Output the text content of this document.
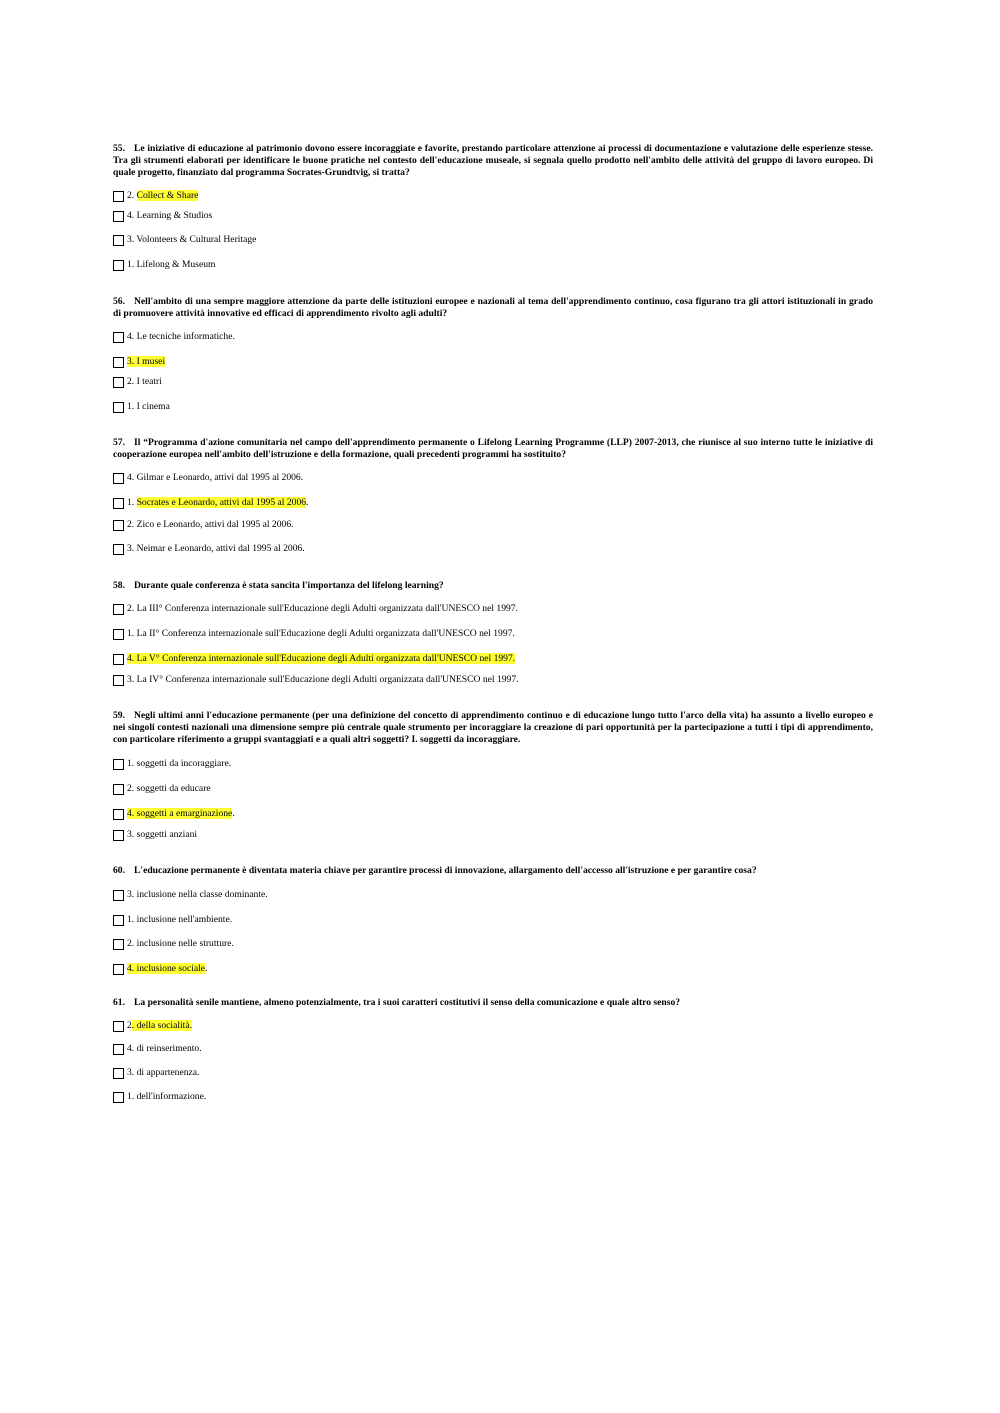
55. Le iniziative di educazione al patrimonio dovono essere incoraggiate e favorite, prestando particolare attenzione ai processi di documentazione e valutazione delle esperienze stesse. Tra gli strumenti elaborati per identificare le buone pratiche nel contesto dell'educazione museale, si segnala quello prodotto nell'ambito delle attività del gruppo di lavoro europeo. Di quale progetto, finanziato dal programma Socrates-Grundtvig, si tratta?

2. Collect & Share
4. Learning & Studios
3. Volonteers & Cultural Heritage
1. Lifelong & Museum

56. Nell'ambito di una sempre maggiore attenzione da parte delle istituzioni europee e nazionali al tema dell'apprendimento continuo, cosa figurano tra gli attori istituzionali in grado di promuovere attività innovative ed efficaci di apprendimento rivolto agli adulti?

4. Le tecniche informatiche.
3. I musei
2. I teatri
1. I cinema

57. Il “Programma d'azione comunitaria nel campo dell'apprendimento permanente o Lifelong Learning Programme (LLP) 2007-2013, che riunisce al suo interno tutte le iniziative di cooperazione europea nell'ambito dell'istruzione e della formazione, quali precedenti programmi ha sostituito?

4. Gilmar e Leonardo, attivi dal 1995 al 2006.
1. Socrates e Leonardo, attivi dal 1995 al 2006.
2. Zico e Leonardo, attivi dal 1995 al 2006.
3. Neimar e Leonardo, attivi dal 1995 al 2006.

58. Durante quale conferenza è stata sancita l'importanza del lifelong learning?

2. La III° Conferenza internazionale sull'Educazione degli Adulti organizzata dall'UNESCO nel 1997.
1. La II° Conferenza internazionale sull'Educazione degli Adulti organizzata dall'UNESCO nel 1997.
4. La V° Conferenza internazionale sull'Educazione degli Adulti organizzata dall'UNESCO nel 1997.
3. La IV° Conferenza internazionale sull'Educazione degli Adulti organizzata dall'UNESCO nel 1997.

59. Negli ultimi anni l'educazione permanente (per una definizione del concetto di apprendimento continuo e di educazione lungo tutto l'arco della vita) ha assunto a livello europeo e nei singoli contesti nazionali una dimensione sempre più centrale quale strumento per incoraggiare la creazione di pari opportunità per la partecipazione a tutti i tipi di apprendimento, con particolare riferimento a gruppi svantaggiati e a quali altri soggetti? I. soggetti da incoraggiare.

1. soggetti da incoraggiare.
2. soggetti da educare
4. soggetti a emarginazione.
3. soggetti anziani

60. L'educazione permanente è diventata materia chiave per garantire processi di innovazione, allargamento dell'accesso all'istruzione e per garantire cosa?

3. inclusione nella classe dominante.
1. inclusione nell'ambiente.
2. inclusione nelle strutture.
4. inclusione sociale.

61. La personalità senile mantiene, almeno potenzialmente, tra i suoi caratteri costitutivi il senso della comunicazione e quale altro senso?

2. della socialità.
4. di reinserimento.
3. di appartenenza.
1. dell'informazione.
